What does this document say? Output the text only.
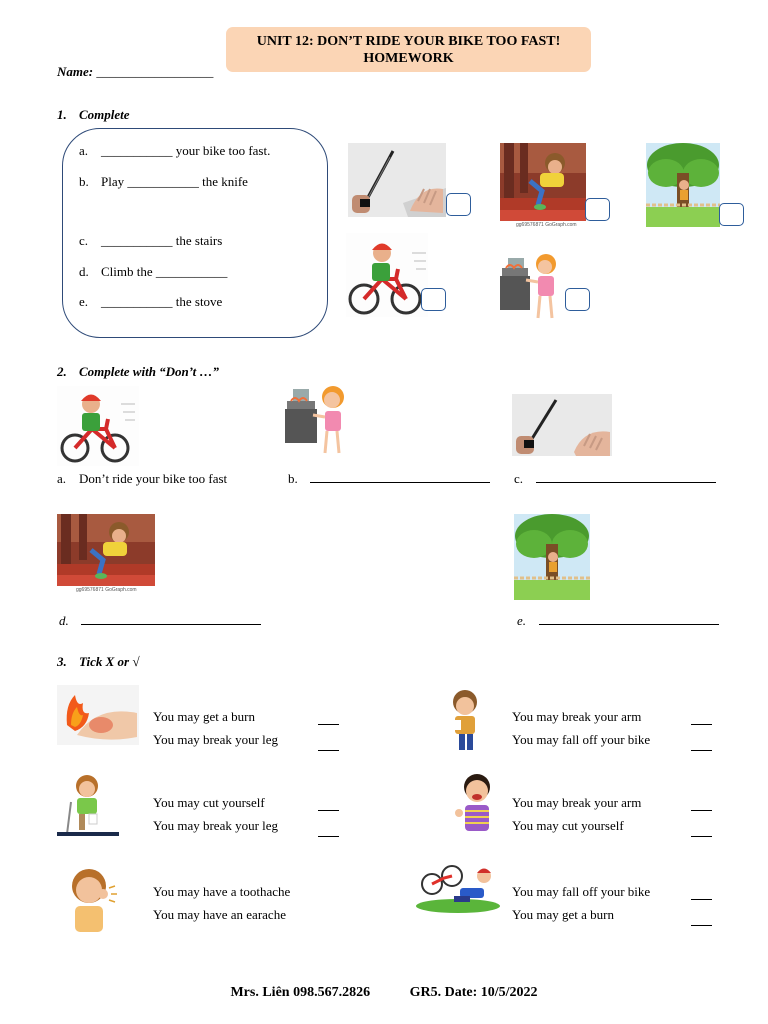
UNIT 12: DON’T RIDE YOUR BIKE TOO FAST!
HOMEWORK
Name: __________________
1. Complete
a. ___________ your bike too fast.
b. Play ___________ the knife
c. ___________ the stairs
d. Climb the ___________
e. ___________ the stove
gg69576871 GoGraph.com
2. Complete with “Don’t …”
a. Don’t ride your bike too fast	b.	c.
gg69576871 GoGraph.com
d.	e.
3. Tick X or √
You may get a burn
You may break your leg

You may break your arm
You may fall off your bike

You may cut yourself
You may break your leg

You may break your arm
You may cut yourself

You may have a toothache
You may have an earache
You may fall off your bike
You may get a burn

Mrs. Liên 098.567.2826	GR5. Date: 10/5/2022
